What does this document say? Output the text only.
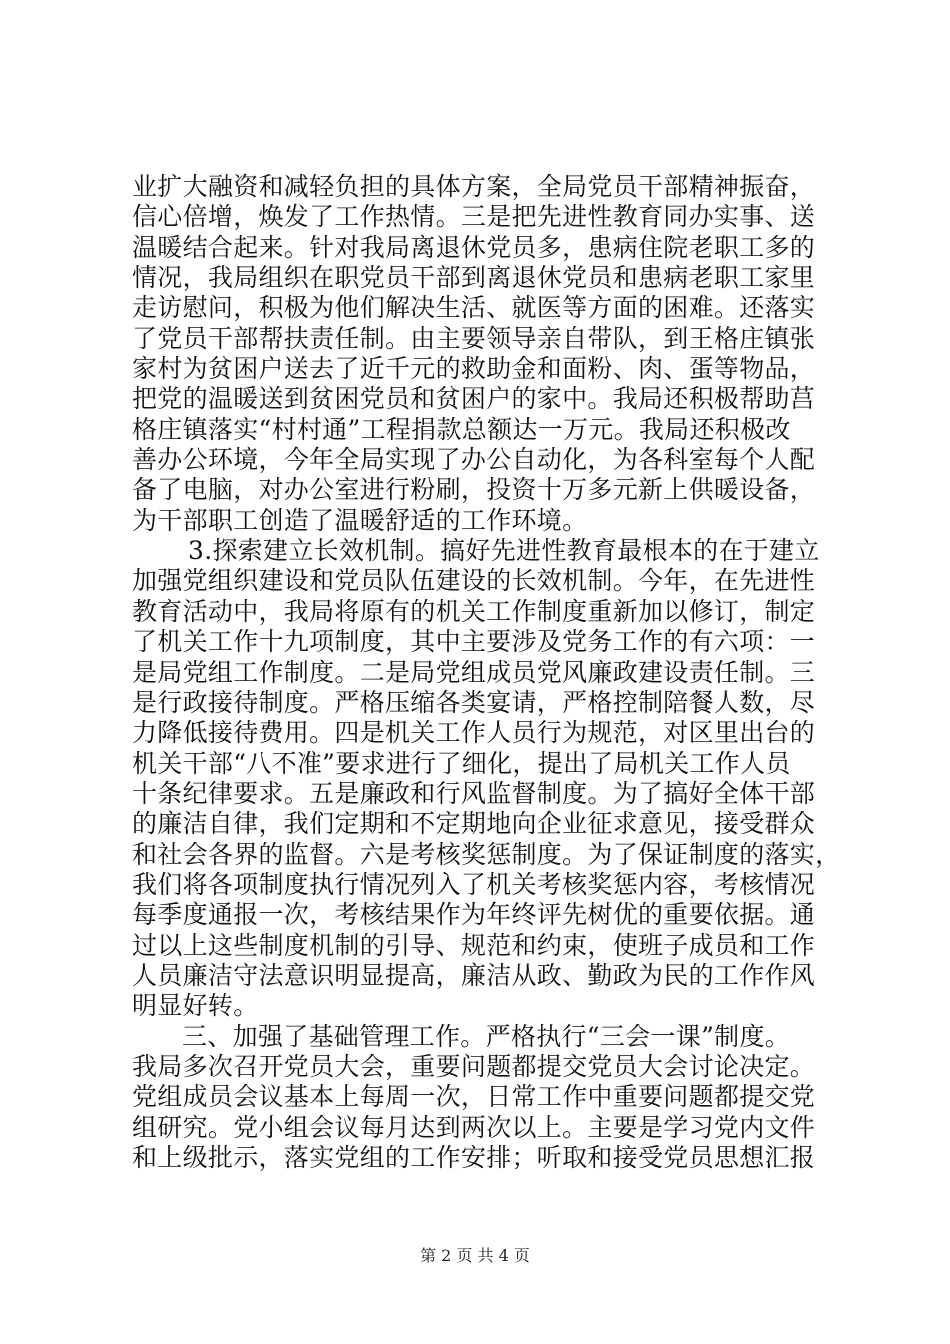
业扩大融资和减轻负担的具体方案，全局党员干部精神振奋，
信心倍增，焕发了工作热情。三是把先进性教育同办实事、送
温暖结合起来。针对我局离退休党员多，患病住院老职工多的
情况，我局组织在职党员干部到离退休党员和患病老职工家里
走访慰问，积极为他们解决生活、就医等方面的困难。还落实
了党员干部帮扶责任制。由主要领导亲自带队，到王格庄镇张
家村为贫困户送去了近千元的救助金和面粉、肉、蛋等物品，
把党的温暖送到贫困党员和贫困户的家中。我局还积极帮助莒
格庄镇落实“村村通”工程捐款总额达一万元。我局还积极改
善办公环境，今年全局实现了办公自动化，为各科室每个人配
备了电脑，对办公室进行粉刷，投资十万多元新上供暖设备，
为干部职工创造了温暖舒适的工作环境。
3.探索建立长效机制。搞好先进性教育最根本的在于建立
加强党组织建设和党员队伍建设的长效机制。今年，在先进性
教育活动中，我局将原有的机关工作制度重新加以修订，制定
了机关工作十九项制度，其中主要涉及党务工作的有六项：一
是局党组工作制度。二是局党组成员党风廉政建设责任制。三
是行政接待制度。严格压缩各类宴请，严格控制陪餐人数，尽
力降低接待费用。四是机关工作人员行为规范，对区里出台的
机关干部“八不准”要求进行了细化，提出了局机关工作人员
十条纪律要求。五是廉政和行风监督制度。为了搞好全体干部
的廉洁自律，我们定期和不定期地向企业征求意见，接受群众
和社会各界的监督。六是考核奖惩制度。为了保证制度的落实，
我们将各项制度执行情况列入了机关考核奖惩内容，考核情况
每季度通报一次，考核结果作为年终评先树优的重要依据。通
过以上这些制度机制的引导、规范和约束，使班子成员和工作
人员廉洁守法意识明显提高，廉洁从政、勤政为民的工作作风
明显好转。
三、加强了基础管理工作。严格执行“三会一课”制度。
我局多次召开党员大会，重要问题都提交党员大会讨论决定。
党组成员会议基本上每周一次，日常工作中重要问题都提交党
组研究。党小组会议每月达到两次以上。主要是学习党内文件
和上级批示，落实党组的工作安排；听取和接受党员思想汇报
第 2 页 共 4 页
